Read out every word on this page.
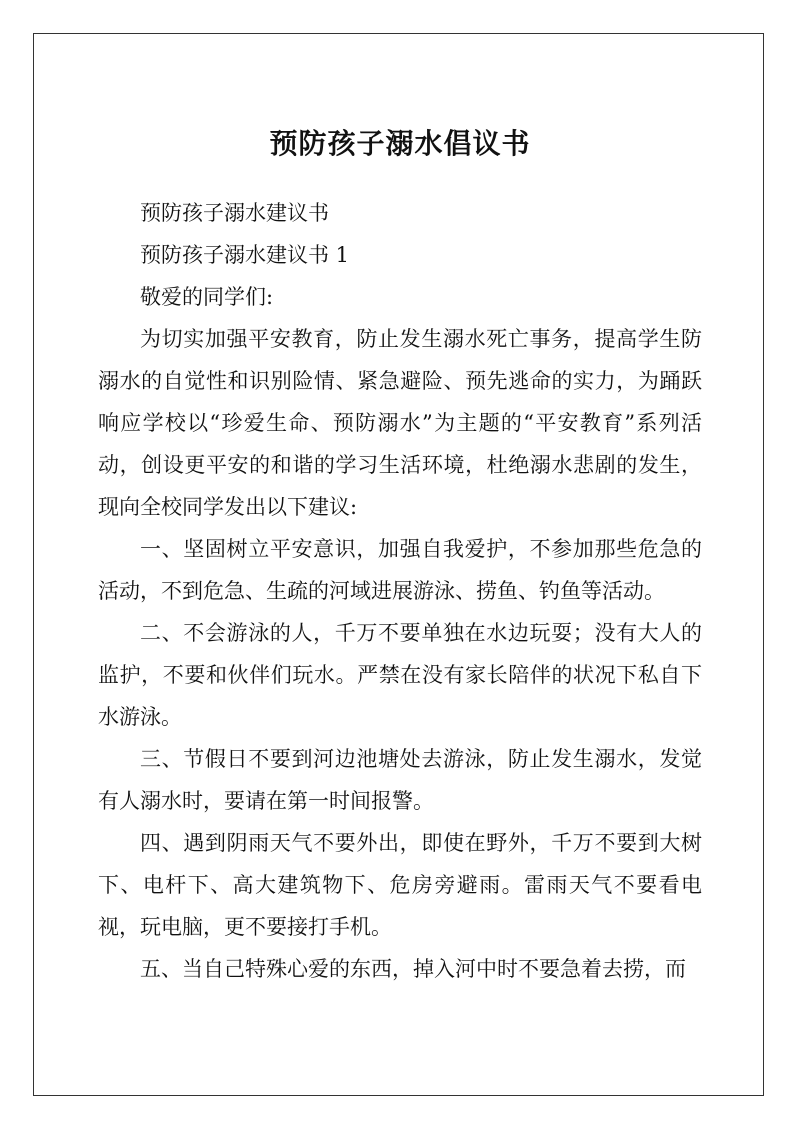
预防孩子溺水倡议书

预防孩子溺水建议书

预防孩子溺水建议书 1

敬爱的同学们:

为切实加强平安教育，防止发生溺水死亡事务，提高学生防溺水的自觉性和识别险情、紧急避险、预先逃命的实力，为踊跃响应学校以“珍爱生命、预防溺水”为主题的“平安教育”系列活动，创设更平安的和谐的学习生活环境，杜绝溺水悲剧的发生，现向全校同学发出以下建议:

一、坚固树立平安意识，加强自我爱护，不参加那些危急的活动，不到危急、生疏的河域进展游泳、捞鱼、钓鱼等活动。

二、不会游泳的人，千万不要单独在水边玩耍；没有大人的监护，不要和伙伴们玩水。严禁在没有家长陪伴的状况下私自下水游泳。

三、节假日不要到河边池塘处去游泳，防止发生溺水，发觉有人溺水时，要请在第一时间报警。

四、遇到阴雨天气不要外出，即使在野外，千万不要到大树下、电杆下、高大建筑物下、危房旁避雨。雷雨天气不要看电视，玩电脑，更不要接打手机。

五、当自己特殊心爱的东西，掉入河中时不要急着去捞，而
